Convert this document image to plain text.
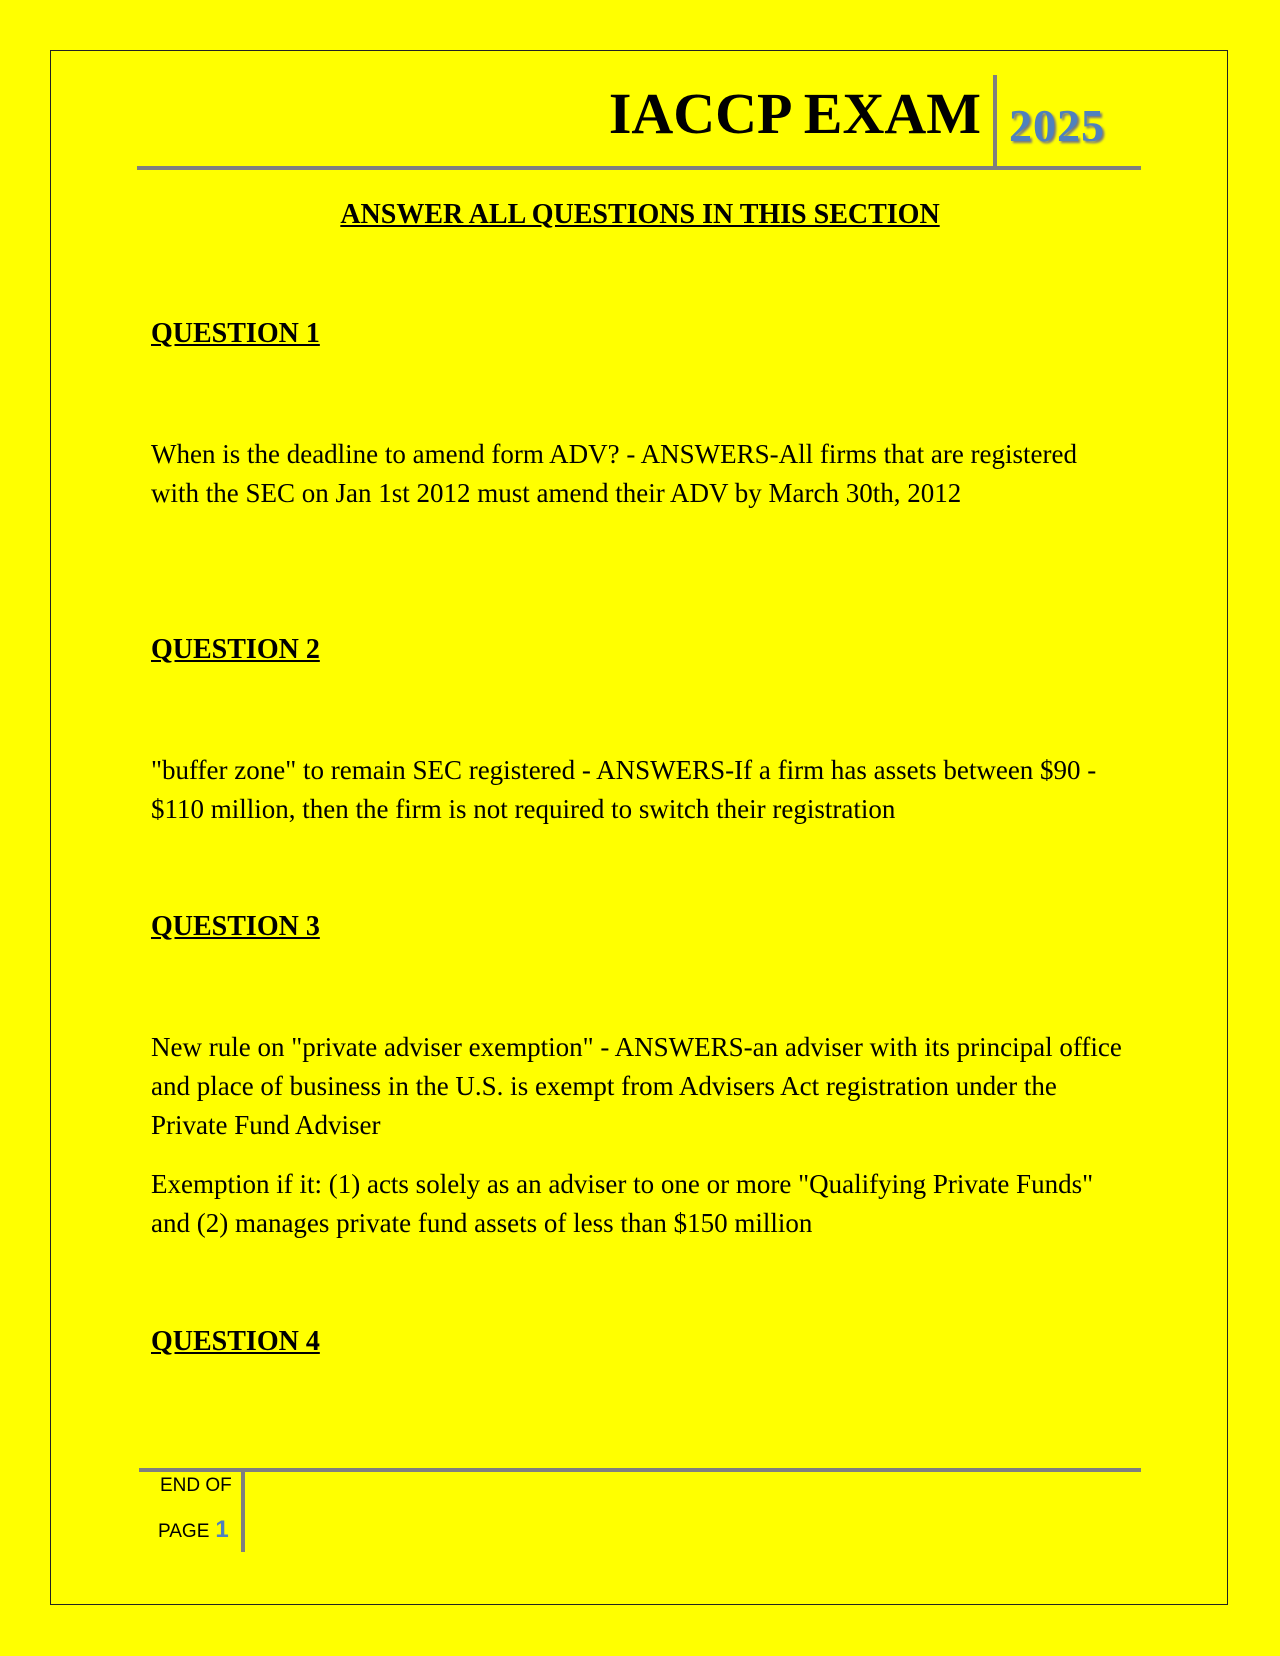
IACCP EXAM 2025
ANSWER ALL QUESTIONS IN THIS SECTION
QUESTION 1

When is the deadline to amend form ADV? - ANSWERS-All firms that are registered with the SEC on Jan 1st 2012 must amend their ADV by March 30th, 2012

QUESTION 2

"buffer zone" to remain SEC registered - ANSWERS-If a firm has assets between $90 - $110 million, then the firm is not required to switch their registration

QUESTION 3

New rule on "private adviser exemption" - ANSWERS-an adviser with its principal office and place of business in the U.S. is exempt from Advisers Act registration under the Private Fund Adviser

Exemption if it: (1) acts solely as an adviser to one or more "Qualifying Private Funds" and (2) manages private fund assets of less than $150 million

QUESTION 4
END OF
PAGE 1
